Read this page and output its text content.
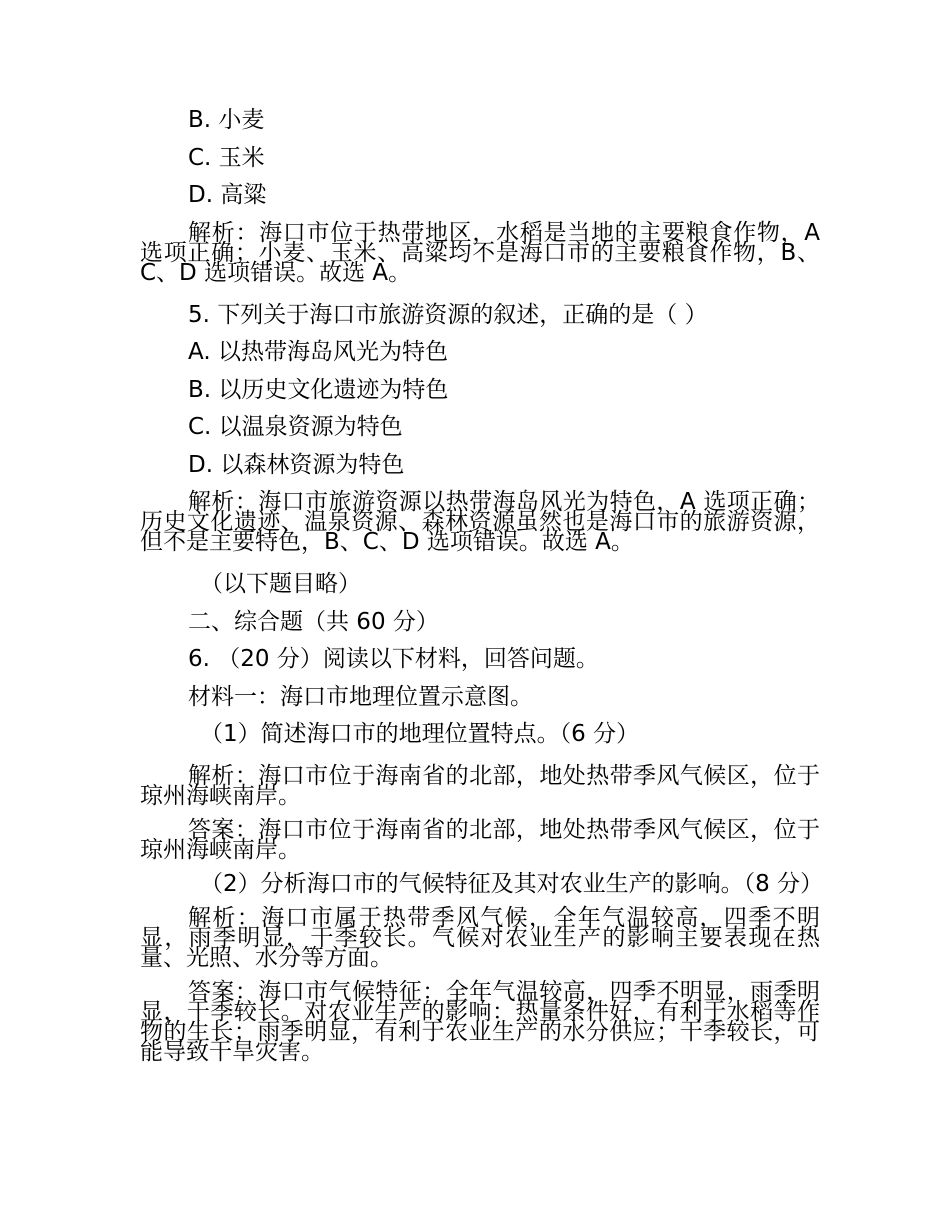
B. 小麦
C. 玉米
D. 高粱
解析：海口市位于热带地区，水稻是当地的主要粮食作物，A 选项正确；小麦、玉米、高粱均不是海口市的主要粮食作物，B、C、D 选项错误。故选 A。
5. 下列关于海口市旅游资源的叙述，正确的是（ ）
A. 以热带海岛风光为特色
B. 以历史文化遗迹为特色
C. 以温泉资源为特色
D. 以森林资源为特色
解析：海口市旅游资源以热带海岛风光为特色，A 选项正确；历史文化遗迹、温泉资源、森林资源虽然也是海口市的旅游资源，但不是主要特色，B、C、D 选项错误。故选 A。
（以下题目略）
二、综合题（共 60 分）
6. （20 分）阅读以下材料，回答问题。
材料一：海口市地理位置示意图。
（1）简述海口市的地理位置特点。（6 分）
解析：海口市位于海南省的北部，地处热带季风气候区，位于琼州海峡南岸。
答案：海口市位于海南省的北部，地处热带季风气候区，位于琼州海峡南岸。
（2）分析海口市的气候特征及其对农业生产的影响。（8 分）
解析：海口市属于热带季风气候，全年气温较高，四季不明显，雨季明显，干季较长。气候对农业生产的影响主要表现在热量、光照、水分等方面。
答案：海口市气候特征：全年气温较高，四季不明显，雨季明显，干季较长。对农业生产的影响：热量条件好，有利于水稻等作物的生长；雨季明显，有利于农业生产的水分供应；干季较长，可能导致干旱灾害。
